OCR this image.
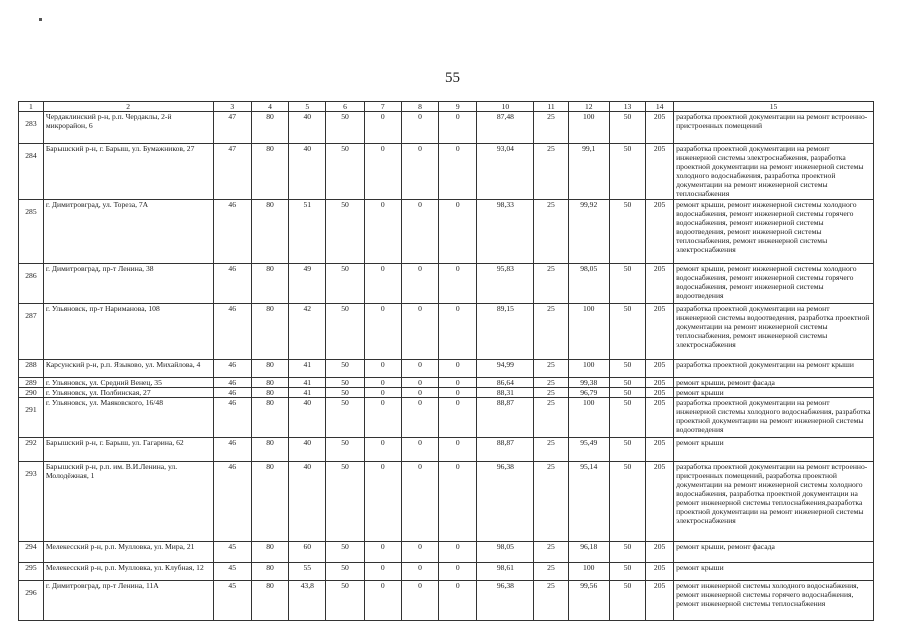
55
1	2	3	4	5	6	7	8	9	10	11	12	13	14	15
283	Чердаклинский р-н, р.п. Чердаклы, 2-й микрорайон, 6	47	80	40	50	0	0	0	87,48	25	100	50	205	разработка проектной документации на ремонт встроенно-пристроенных помещений
284	Барышский р-н, г. Барыш, ул. Бумажников, 27	47	80	40	50	0	0	0	93,04	25	99,1	50	205	разработка проектной документации на ремонт инженерной системы электроснабжения, разработка проектной документации на ремонт инженерной системы холодного водоснабжения, разработка проектной документации на ремонт инженерной системы теплоснабжения
285	г. Димитровград, ул. Тореза, 7А	46	80	51	50	0	0	0	98,33	25	99,92	50	205	ремонт крыши, ремонт инженерной системы холодного водоснабжения, ремонт инженерной системы горячего водоснабжения, ремонт инженерной системы водоотведения, ремонт инженерной системы теплоснабжения, ремонт инженерной системы электроснабжения
286	г. Димитровград, пр-т Ленина, 38	46	80	49	50	0	0	0	95,83	25	98,05	50	205	ремонт крыши, ремонт инженерной системы холодного водоснабжения, ремонт инженерной системы горячего водоснабжения, ремонт инженерной системы водоотведения
287	г. Ульяновск, пр-т Нариманова, 108	46	80	42	50	0	0	0	89,15	25	100	50	205	разработка проектной документации на ремонт инженерной системы водоотведения, разработка проектной документации на ремонт инженерной системы теплоснабжения, ремонт инженерной системы электроснабжения
288	Карсунский р-н, р.п. Языково, ул. Михайлова, 4	46	80	41	50	0	0	0	94,99	25	100	50	205	разработка проектной документации на ремонт крыши
289	г. Ульяновск, ул. Средний Венец, 35	46	80	41	50	0	0	0	86,64	25	99,38	50	205	ремонт крыши, ремонт фасада
290	г. Ульяновск, ул. Полбинская, 27	46	80	41	50	0	0	0	88,31	25	96,79	50	205	ремонт крыши
291	г. Ульяновск, ул. Маяковского, 16/48	46	80	40	50	0	0	0	88,87	25	100	50	205	разработка проектной документации на ремонт инженерной системы холодного водоснабжения, разработка проектной документации на ремонт инженерной системы водоотведения
292	Барышский р-н, г. Барыш, ул. Гагарина, 62	46	80	40	50	0	0	0	88,87	25	95,49	50	205	ремонт крыши
293	Барышский р-н, р.п. им. В.И.Ленина, ул. Молодёжная, 1	46	80	40	50	0	0	0	96,38	25	95,14	50	205	разработка проектной документации на ремонт встроенно-пристроенных помещений, разработка проектной документации на ремонт инженерной системы холодного водоснабжения, разработка проектной документации на ремонт инженерной системы теплоснабжения,разработка проектной документации на ремонт инженерной системы электроснабжения
294	Мелекесский р-н, р.п. Мулловка, ул. Мира, 21	45	80	60	50	0	0	0	98,05	25	96,18	50	205	ремонт крыши, ремонт фасада
295	Мелекесский р-н, р.п. Мулловка, ул. Клубная, 12	45	80	55	50	0	0	0	98,61	25	100	50	205	ремонт крыши
296	г. Димитровград, пр-т Ленина, 11А	45	80	43,8	50	0	0	0	96,38	25	99,56	50	205	ремонт инженерной системы холодного водоснабжения, ремонт инженерной системы горячего водоснабжения, ремонт инженерной системы теплоснабжения
